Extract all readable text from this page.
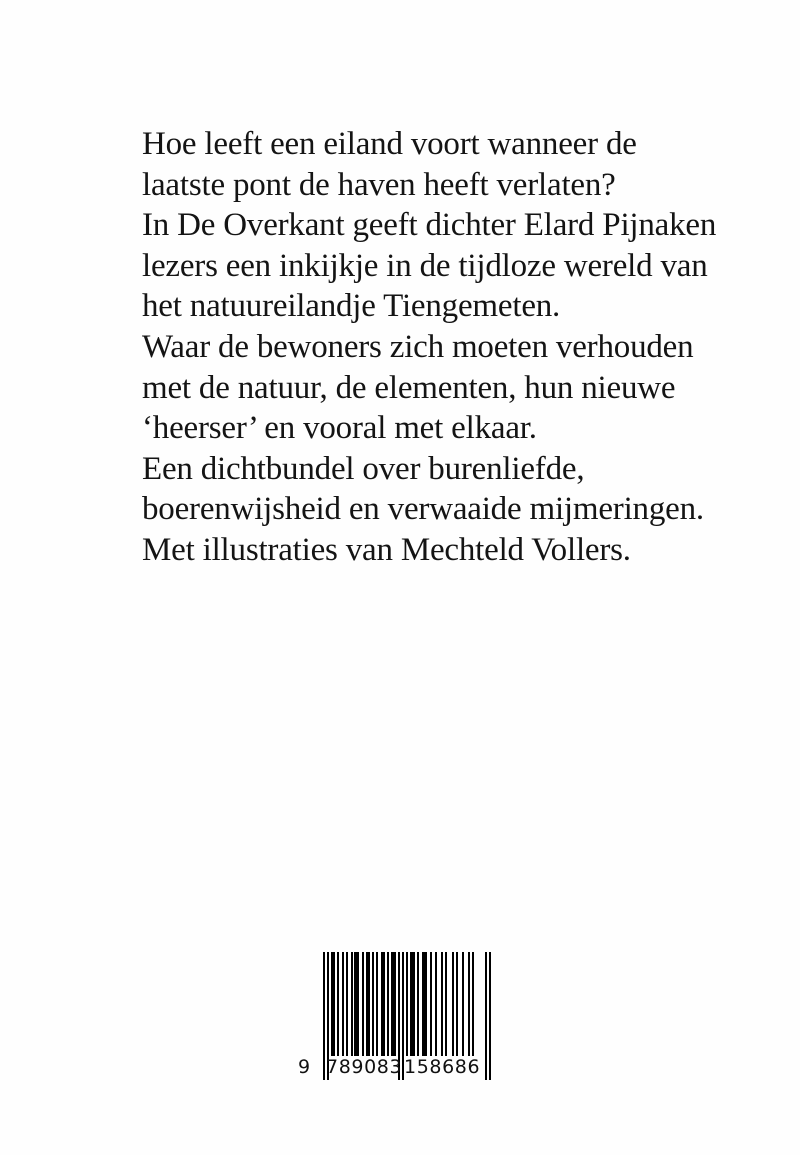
Hoe leeft een eiland voort wanneer de
laatste pont de haven heeft verlaten?
In De Overkant geeft dichter Elard Pijnaken
lezers een inkijkje in de tijdloze wereld van
het natuureilandje Tiengemeten.
Waar de bewoners zich moeten verhouden
met de natuur, de elementen, hun nieuwe
‘heerser’ en vooral met elkaar.
Een dichtbundel over burenliefde,
boerenwijsheid en verwaaide mijmeringen.
Met illustraties van Mechteld Vollers.
9 789083 158686
